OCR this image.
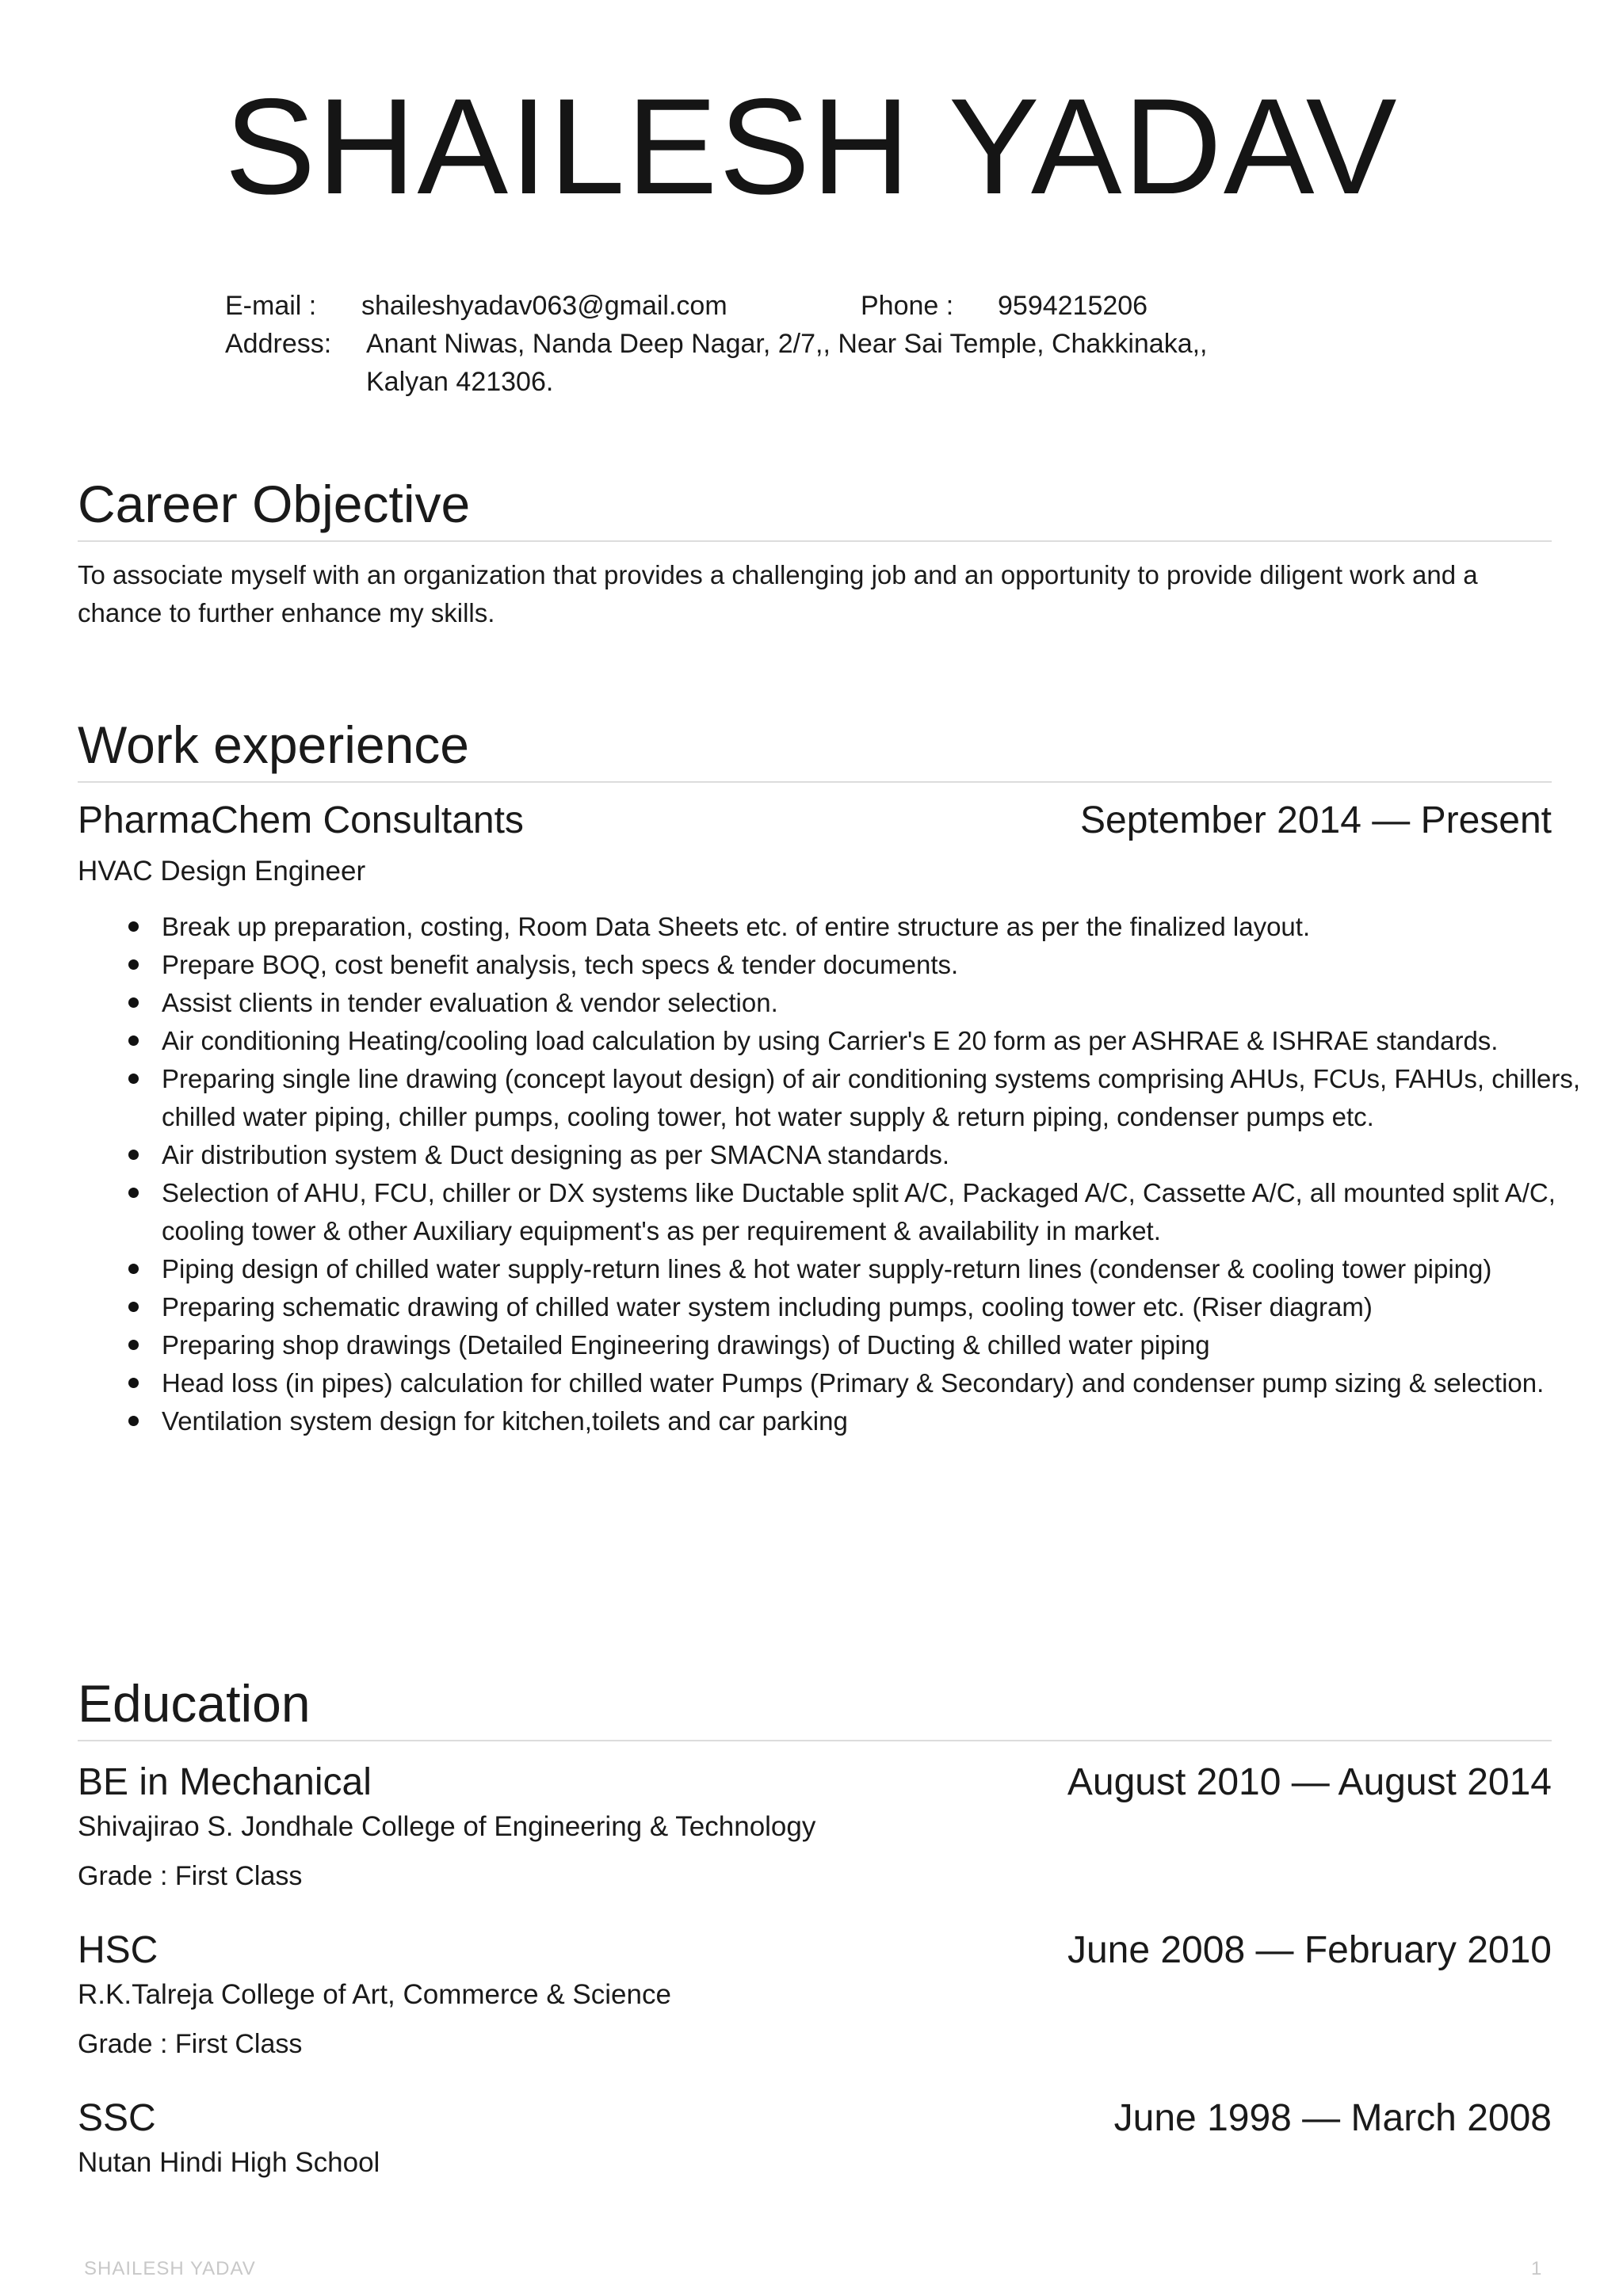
SHAILESH YADAV
E-mail : shaileshyadav063@gmail.com	Phone : 9594215206
Address: Anant Niwas, Nanda Deep Nagar, 2/7,, Near Sai Temple, Chakkinaka,,
Kalyan 421306.
Career Objective

To associate myself with an organization that provides a challenging job and an opportunity to provide diligent work and a chance to further enhance my skills.

Work experience
PharmaChem Consultants	September 2014 — Present
HVAC Design Engineer
Break up preparation, costing, Room Data Sheets etc. of entire structure as per the finalized layout.
Prepare BOQ, cost benefit analysis, tech specs & tender documents.
Assist clients in tender evaluation & vendor selection.
Air conditioning Heating/cooling load calculation by using Carrier's E 20 form as per ASHRAE & ISHRAE standards.
Preparing single line drawing (concept layout design) of air conditioning systems comprising AHUs, FCUs, FAHUs, chillers, chilled water piping, chiller pumps, cooling tower, hot water supply & return piping, condenser pumps etc.
Air distribution system & Duct designing as per SMACNA standards.
Selection of AHU, FCU, chiller or DX systems like Ductable split A/C, Packaged A/C, Cassette A/C, all mounted split A/C, cooling tower & other Auxiliary equipment's as per requirement & availability in market.
Piping design of chilled water supply-return lines & hot water supply-return lines (condenser & cooling tower piping)
Preparing schematic drawing of chilled water system including pumps, cooling tower etc. (Riser diagram)
Preparing shop drawings (Detailed Engineering drawings) of Ducting & chilled water piping
Head loss (in pipes) calculation for chilled water Pumps (Primary & Secondary) and condenser pump sizing & selection.
Ventilation system design for kitchen,toilets and car parking
Education
BE in Mechanical	August 2010 — August 2014
Shivajirao S. Jondhale College of Engineering & Technology
Grade : First Class
HSC	June 2008 — February 2010
R.K.Talreja College of Art, Commerce & Science
Grade : First Class
SSC	June 1998 — March 2008
Nutan Hindi High School
SHAILESH YADAV	1
